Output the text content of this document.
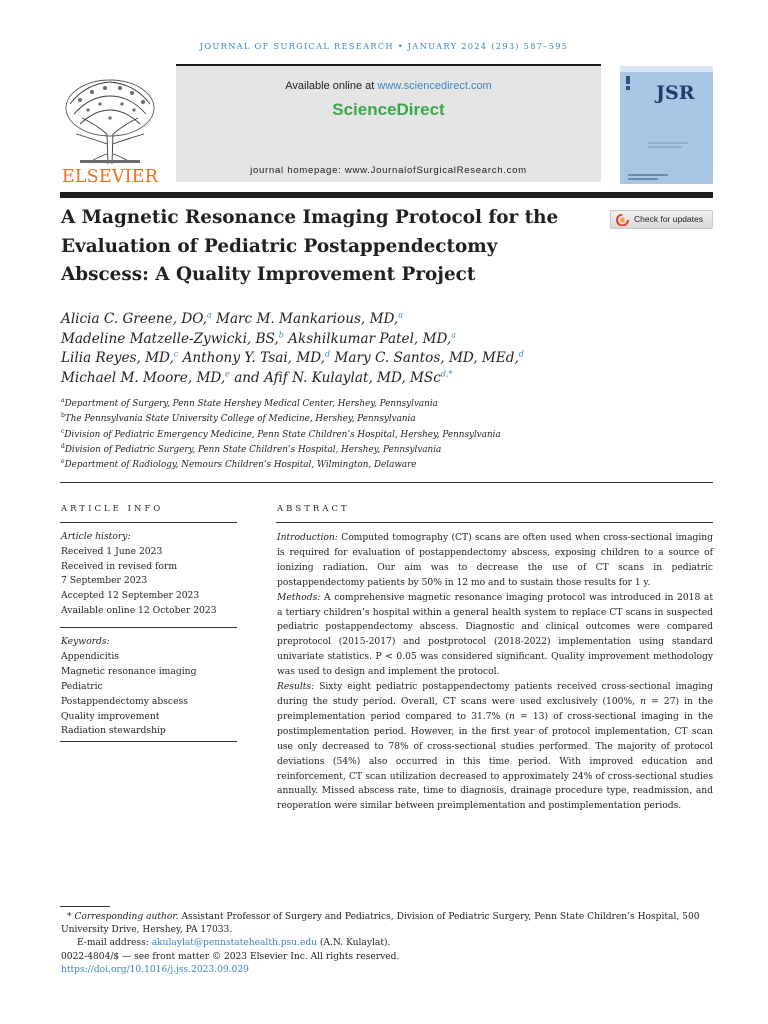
JOURNAL OF SURGICAL RESEARCH • JANUARY 2024 (293) 587–595
ELSEVIER
Available online at www.sciencedirect.com
ScienceDirect
journal homepage: www.JournalofSurgicalResearch.com
JSR
A Magnetic Resonance Imaging Protocol for the Evaluation of Pediatric Postappendectomy Abscess: A Quality Improvement Project
Check for updates
Alicia C. Greene, DO,$^a$ Marc M. Mankarious, MD,$^a$
Madeline Matzelle-Zywicki, BS,$^b$ Akshilkumar Patel, MD,$^a$
Lilia Reyes, MD,$^c$ Anthony Y. Tsai, MD,$^d$ Mary C. Santos, MD, MEd,$^d$
Michael M. Moore, MD,$^e$ and Afif N. Kulaylat, MD, MSc$^{d,*}$
$^a$Department of Surgery, Penn State Hershey Medical Center, Hershey, Pennsylvania
$^b$The Pennsylvania State University College of Medicine, Hershey, Pennsylvania
$^c$Division of Pediatric Emergency Medicine, Penn State Children’s Hospital, Hershey, Pennsylvania
$^d$Division of Pediatric Surgery, Penn State Children’s Hospital, Hershey, Pennsylvania
$^e$Department of Radiology, Nemours Children’s Hospital, Wilmington, Delaware
ARTICLE INFO	ABSTRACT
Article history:
Received 1 June 2023
Received in revised form
7 September 2023
Accepted 12 September 2023
Available online 12 October 2023
Keywords:
Appendicitis
Magnetic resonance imaging
Pediatric
Postappendectomy abscess
Quality improvement
Radiation stewardship
Introduction: Computed tomography (CT) scans are often used when cross-sectional imaging is required for evaluation of postappendectomy abscess, exposing children to a source of ionizing radiation. Our aim was to decrease the use of CT scans in pediatric postappendectomy patients by 50% in 12 mo and to sustain those results for 1 y.
Methods: A comprehensive magnetic resonance imaging protocol was introduced in 2018 at a tertiary children’s hospital within a general health system to replace CT scans in suspected pediatric postappendectomy abscess. Diagnostic and clinical outcomes were compared preprotocol (2015-2017) and postprotocol (2018-2022) implementation using standard univariate statistics. P < 0.05 was considered significant. Quality improvement methodology was used to design and implement the protocol.
Results: Sixty eight pediatric postappendectomy patients received cross-sectional imaging during the study period. Overall, CT scans were used exclusively (100%, n = 27) in the preimplementation period compared to 31.7% (n = 13) of cross-sectional imaging in the postimplementation period. However, in the first year of protocol implementation, CT scan use only decreased to 78% of cross-sectional studies performed. The majority of protocol deviations (54%) also occurred in this time period. With improved education and reinforcement, CT scan utilization decreased to approximately 24% of cross-sectional studies annually. Missed abscess rate, time to diagnosis, drainage procedure type, readmission, and reoperation were similar between preimplementation and postimplementation periods.
* Corresponding author. Assistant Professor of Surgery and Pediatrics, Division of Pediatric Surgery, Penn State Children’s Hospital, 500 University Drive, Hershey, PA 17033.
E-mail address: akulaylat@pennstatehealth.psu.edu (A.N. Kulaylat).
0022-4804/$ — see front matter © 2023 Elsevier Inc. All rights reserved.
https://doi.org/10.1016/j.jss.2023.09.029
